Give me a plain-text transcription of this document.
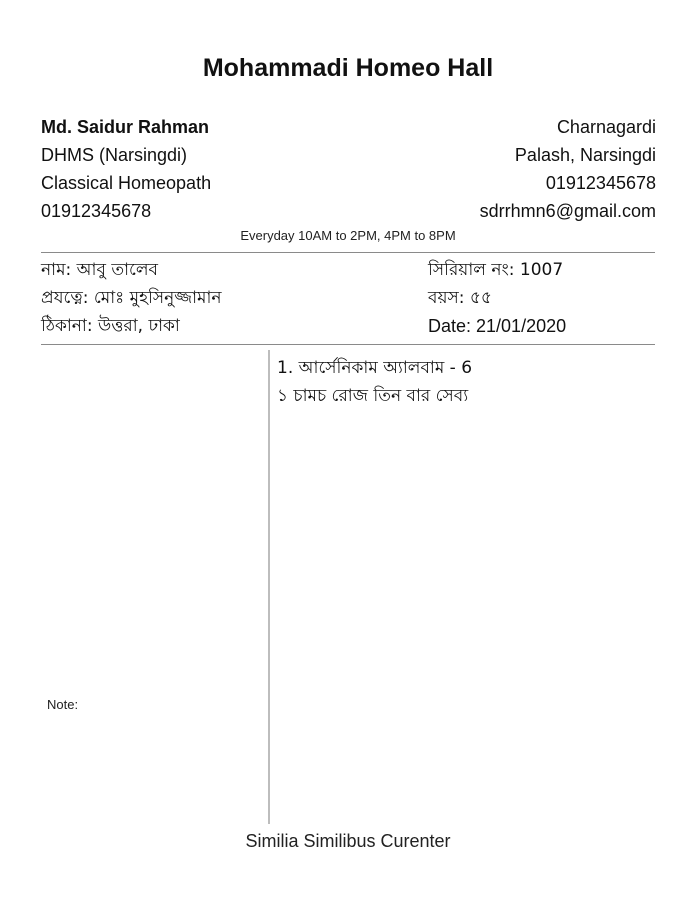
Mohammadi Homeo Hall
Md. Saidur Rahman
DHMS (Narsingdi)
Classical Homeopath
01912345678
Charnagardi
Palash, Narsingdi
01912345678
sdrrhmn6@gmail.com
Everyday 10AM to 2PM, 4PM to 8PM
নাম: আবু তালেব
প্রযত্নে: মোঃ মুহসিনুজ্জামান
ঠিকানা: উত্তরা, ঢাকা
সিরিয়াল নং: 1007
বয়স: ৫৫
Date: 21/01/2020
1. আর্সেনিকাম অ্যালবাম - 6
১ চামচ রোজ তিন বার সেব্য
Note:
Similia Similibus Curenter
